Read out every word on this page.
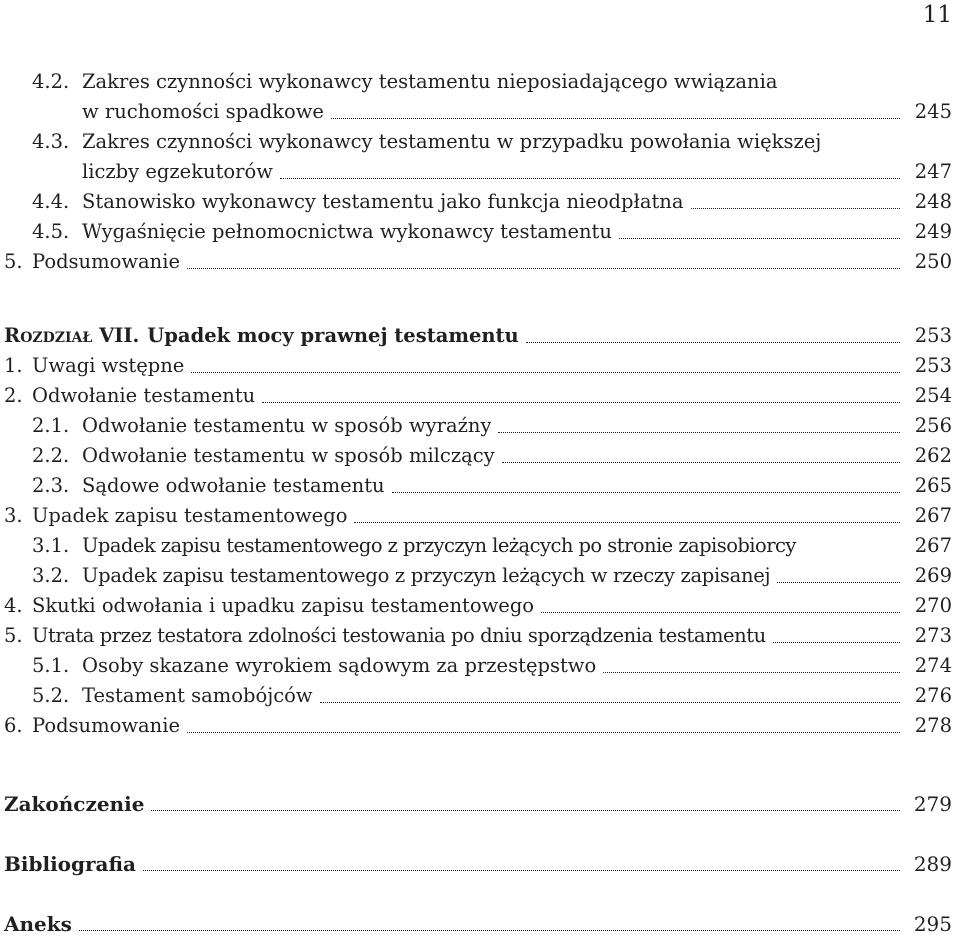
11
4.2. Zakres czynności wykonawcy testamentu nieposiadającego wwiązania
w ruchomości spadkowe	245
4.3. Zakres czynności wykonawcy testamentu w przypadku powołania większej
liczby egzekutorów	247
4.4. Stanowisko wykonawcy testamentu jako funkcja nieodpłatna	248
4.5. Wygaśnięcie pełnomocnictwa wykonawcy testamentu	249
5. Podsumowanie	250
Rozdział VII. Upadek mocy prawnej testamentu	253
1. Uwagi wstępne	253
2. Odwołanie testamentu	254
2.1. Odwołanie testamentu w sposób wyraźny	256
2.2. Odwołanie testamentu w sposób milczący	262
2.3. Sądowe odwołanie testamentu	265
3. Upadek zapisu testamentowego	267
3.1. Upadek zapisu testamentowego z przyczyn leżących po stronie zapisobiorcy	267
3.2. Upadek zapisu testamentowego z przyczyn leżących w rzeczy zapisanej	269
4. Skutki odwołania i upadku zapisu testamentowego	270
5. Utrata przez testatora zdolności testowania po dniu sporządzenia testamentu	273
5.1. Osoby skazane wyrokiem sądowym za przestępstwo	274
5.2. Testament samobójców	276
6. Podsumowanie	278
Zakończenie	279
Bibliografia	289
Aneks	295
